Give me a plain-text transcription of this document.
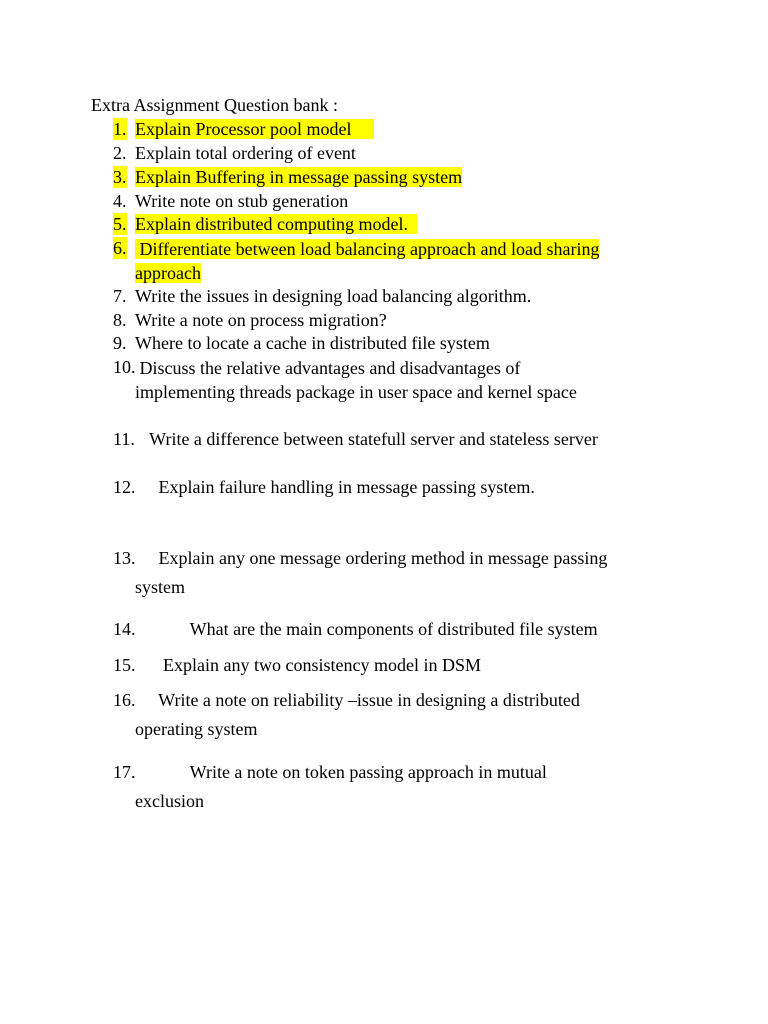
Extra Assignment Question bank :
1. Explain Processor pool model
2. Explain total ordering of event
3. Explain Buffering in message passing system
4. Write note on stub generation
5. Explain distributed computing model.
6. Differentiate between load balancing approach and load sharing
approach
7. Write the issues in designing load balancing algorithm.
8. Write a note on process migration?
9. Where to locate a cache in distributed file system
10. Discuss the relative advantages and disadvantages of
implementing threads package in user space and kernel space
11. Write a difference between statefull server and stateless server
12. Explain failure handling in message passing system.
13. Explain any one message ordering method in message passing
system
14. What are the main components of distributed file system
15. Explain any two consistency model in DSM
16. Write a note on reliability –issue in designing a distributed
operating system
17. Write a note on token passing approach in mutual
exclusion
